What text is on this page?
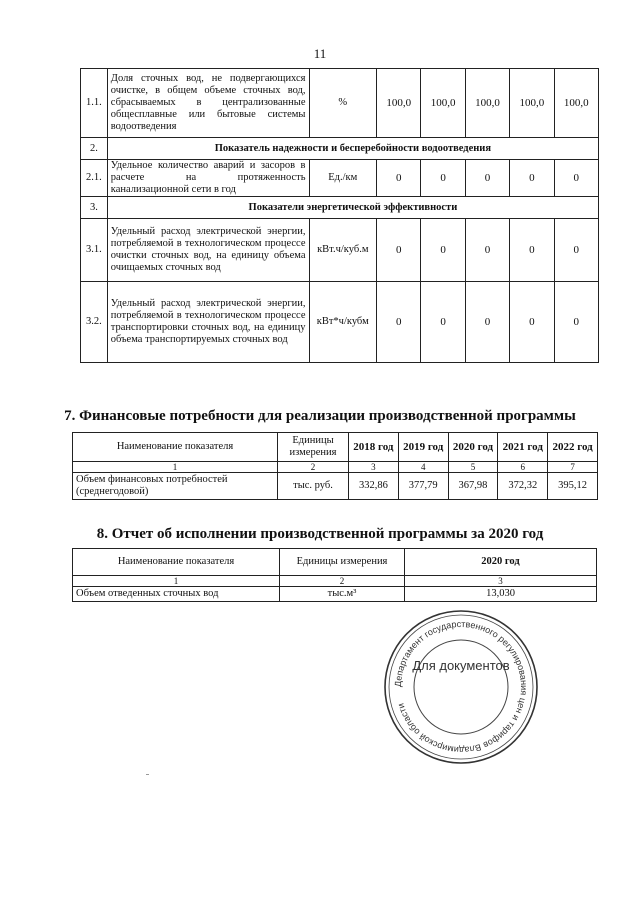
11
1.1.	Доля сточных вод, не подвергающихся очистке, в общем объеме сточных вод, сбрасываемых в централизованные общесплавные или бытовые системы водоотведения	%	100,0	100,0	100,0	100,0	100,0
2.	Показатель надежности и бесперебойности водоотведения						
2.1.	Удельное количество аварий и засоров в расчете на протяженность канализационной сети в год	Ед./км	0	0	0	0	0
3.	Показатели энергетической эффективности						
3.1.	Удельный расход электрической энергии, потребляемой в технологическом процессе очистки сточных вод, на единицу объема очищаемых сточных вод	кВт.ч/куб.м	0	0	0	0	0
3.2.	Удельный расход электрической энергии, потребляемой в технологическом процессе транспортировки сточных вод, на единицу объема транспортируемых сточных вод	кВт*ч/кубм	0	0	0	0	0
7. Финансовые потребности для реализации производственной программы
Наименование показателя	Единицы измерения	2018 год	2019 год	2020 год	2021 год	2022 год
1	2	3	4	5	6	7
Объем финансовых потребностей (среднегодовой)	тыс. руб.	332,86	377,79	367,98	372,32	395,12
8. Отчет об исполнении производственной программы за 2020 год
Наименование показателя	Единицы измерения	2020 год
1	2	3
Объем отведенных сточных вод	тыс.м³	13,030
Департамент государственного регулирования цен и тарифов Владимирской области
Для документов
